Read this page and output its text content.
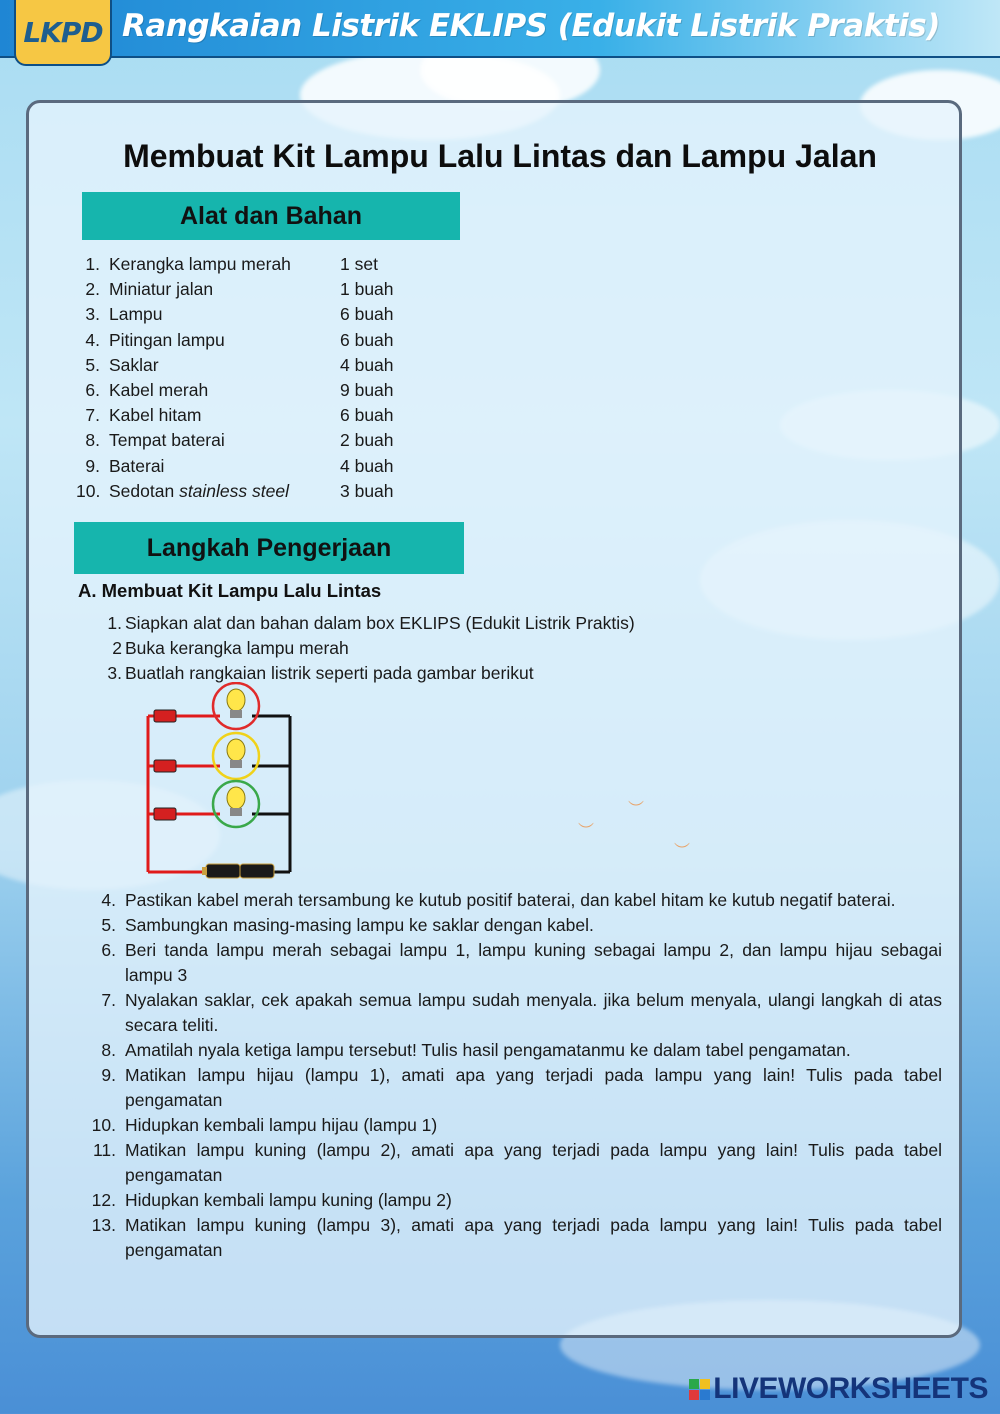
Rangkaian Listrik EKLIPS (Edukit Listrik Praktis)
LKPD
Membuat Kit Lampu Lalu Lintas dan Lampu Jalan
Alat dan Bahan
1. Kerangka lampu merah	1 set
2. Miniatur jalan	1 buah
3. Lampu	6 buah
4. Pitingan lampu	6 buah
5. Saklar	4 buah
6. Kabel merah	9 buah
7. Kabel hitam	6 buah
8. Tempat baterai	2 buah
9. Baterai	4 buah
10. Sedotan stainless steel	3 buah
Langkah Pengerjaan
A. Membuat Kit Lampu Lalu Lintas
1. Siapkan alat dan bahan dalam box EKLIPS (Edukit Listrik Praktis)
2 Buka kerangka lampu merah
3. Buatlah rangkaian listrik seperti pada gambar berikut
︶
︶
︶
4. Pastikan kabel merah tersambung ke kutub positif baterai, dan kabel hitam ke kutub negatif baterai.
5. Sambungkan masing-masing lampu ke saklar dengan kabel.
6. Beri tanda lampu merah sebagai lampu 1, lampu kuning sebagai lampu 2, dan lampu hijau sebagai lampu 3
7. Nyalakan saklar, cek apakah semua lampu sudah menyala. jika belum menyala, ulangi langkah di atas secara teliti.
8. Amatilah nyala ketiga lampu tersebut! Tulis hasil pengamatanmu ke dalam tabel pengamatan.
9. Matikan lampu hijau (lampu 1), amati apa yang terjadi pada lampu yang lain! Tulis pada tabel pengamatan
10. Hidupkan kembali lampu hijau (lampu 1)
11. Matikan lampu kuning (lampu 2), amati apa yang terjadi pada lampu yang lain! Tulis pada tabel pengamatan
12. Hidupkan kembali lampu kuning (lampu 2)
13. Matikan lampu kuning (lampu 3), amati apa yang terjadi pada lampu yang lain! Tulis pada tabel pengamatan
LIVEWORKSHEETS
